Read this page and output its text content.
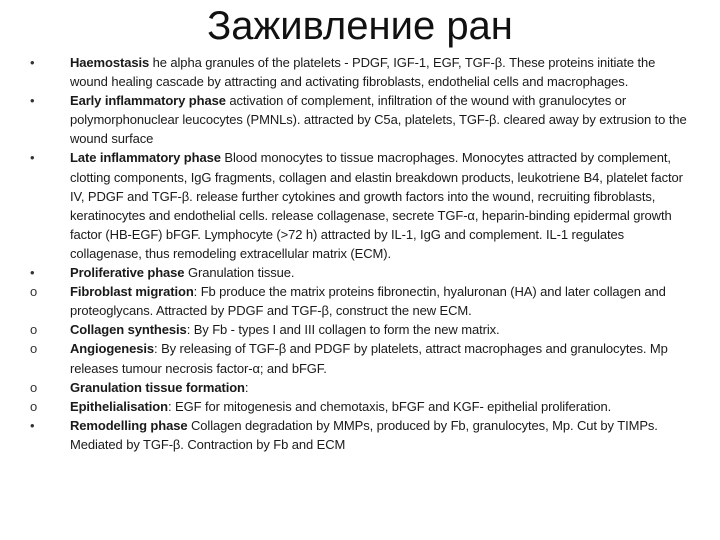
Заживление ран
•	Haemostasis he alpha granules of the platelets - PDGF, IGF-1, EGF, TGF-β. These proteins initiate the wound healing cascade by attracting and activating fibroblasts, endothelial cells and macrophages.
•	Early inflammatory phase activation of complement, infiltration of the wound with granulocytes or polymorphonuclear leucocytes (PMNLs). attracted by C5a, platelets, TGF-β. cleared away by extrusion to the wound surface
•	Late inflammatory phase Blood monocytes to tissue macrophages. Monocytes attracted by complement, clotting components, IgG fragments, collagen and elastin breakdown products, leukotriene B4, platelet factor IV, PDGF and TGF-β. release further cytokines and growth factors into the wound, recruiting fibroblasts, keratinocytes and endothelial cells. release collagenase, secrete TGF-α, heparin-binding epidermal growth factor (HB-EGF) bFGF. Lymphocyte (>72 h) attracted by IL-1, IgG and complement. IL-1 regulates collagenase, thus remodeling extracellular matrix (ECM).
•	Proliferative phase Granulation tissue.
o	Fibroblast migration: Fb produce the matrix proteins fibronectin, hyaluronan (HA) and later collagen and proteoglycans. Attracted by PDGF and TGF-β, construct the new ECM.
o	Collagen synthesis: By Fb - types I and III collagen to form the new matrix.
o	Angiogenesis: By releasing of TGF-β and PDGF by platelets, attract macrophages and granulocytes. Mp releases tumour necrosis factor-α; and bFGF.
o	Granulation tissue formation:
o	Epithelialisation: EGF for mitogenesis and chemotaxis, bFGF and KGF- epithelial proliferation.
•	Remodelling phase Collagen degradation by MMPs, produced by Fb, granulocytes, Mp. Cut by TIMPs. Mediated by TGF-β. Contraction by Fb and ECM
